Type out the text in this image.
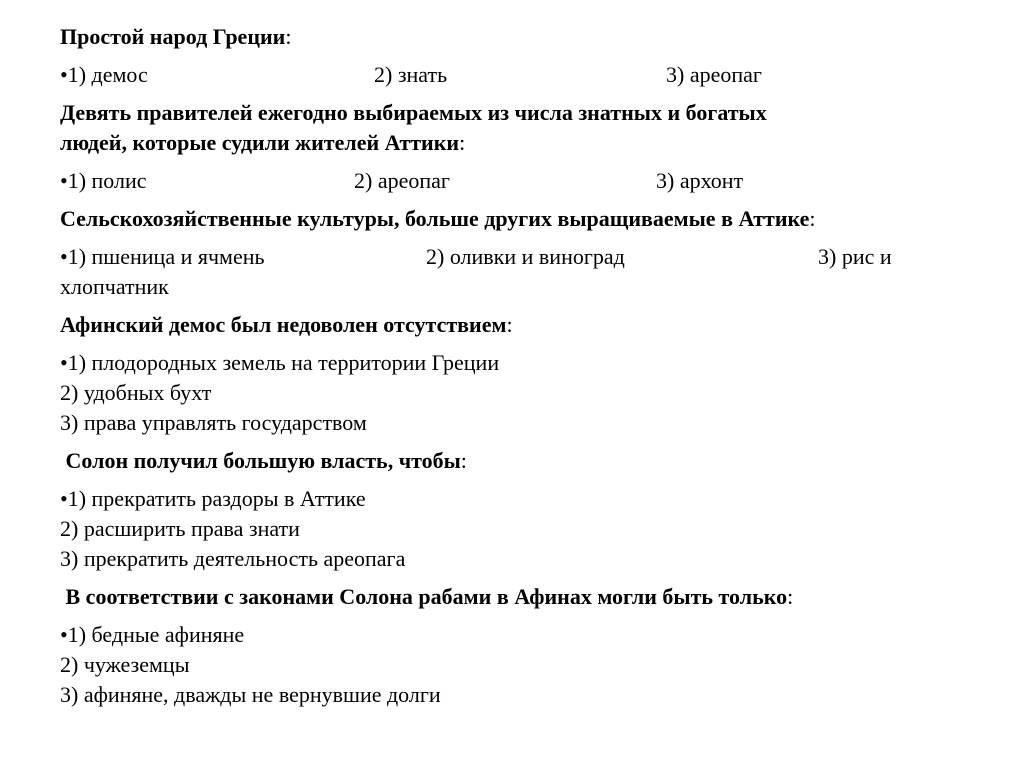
Простой народ Греции:

•1) демос	2) знать	3) ареопаг

Девять правителей ежегодно выбираемых из числа знатных и богатых
людей, которые судили жителей Аттики:

•1) полис	2) ареопаг	3) архонт

Сельскохозяйственные культуры, больше других выращиваемые в Аттике:

•1) пшеница и ячмень	2) оливки и виноград	3) рис и
хлопчатник

Афинский демос был недоволен отсутствием:

•1) плодородных земель на территории Греции
2) удобных бухт
3) права управлять государством

Солон получил большую власть, чтобы:

•1) прекратить раздоры в Аттике
2) расширить права знати
3) прекратить деятельность ареопага

В соответствии с законами Солона рабами в Афинах могли быть только:

•1) бедные афиняне
2) чужеземцы
3) афиняне, дважды не вернувшие долги
